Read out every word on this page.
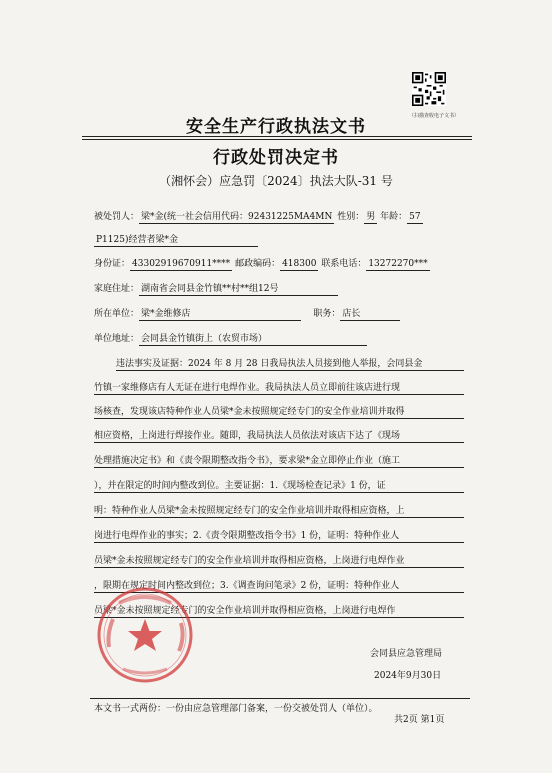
（扫描查收电子文书）
安全生产行政执法文书
行政处罚决定书
（湘怀会）应急罚〔2024〕执法大队-31 号
被处罚人： 梁*金(统一社会信用代码：92431225MA4MN 性别： 男 年龄： 57
P1125)经营者梁*金
身份证： 43302919670911**** 邮政编码： 418300 联系电话： 13272270***
家庭住址： 湖南省会同县金竹镇**村**组12号
所在单位： 梁*金维修店	职务： 店长
单位地址： 会同县金竹镇街上（农贸市场）
违法事实及证据：2024 年 8 月 28 日我局执法人员接到他人举报，会同县金
竹镇一家维修店有人无证在进行电焊作业。我局执法人员立即前往该店进行现
场核查，发现该店特种作业人员梁*金未按照规定经专门的安全作业培训并取得
相应资格，上岗进行焊接作业。随即，我局执法人员依法对该店下达了《现场
处理措施决定书》和《责令限期整改指令书》，要求梁*金立即停止作业（施工
），并在限定的时间内整改到位。主要证据：1.《现场检查记录》1 份，证
明：特种作业人员梁*金未按照规定经专门的安全作业培训并取得相应资格，上
岗进行电焊作业的事实；2.《责令限期整改指令书》1 份，证明：特种作业人
员梁*金未按照规定经专门的安全作业培训并取得相应资格，上岗进行电焊作业
，限期在规定时间内整改到位；3.《调查询问笔录》2 份，证明：特种作业人
员梁*金未按照规定经专门的安全作业培训并取得相应资格，上岗进行电焊作
会同县应急管理局
2024年9月30日
本文书一式两份：一份由应急管理部门备案，一份交被处罚人（单位）。
共2页 第1页
